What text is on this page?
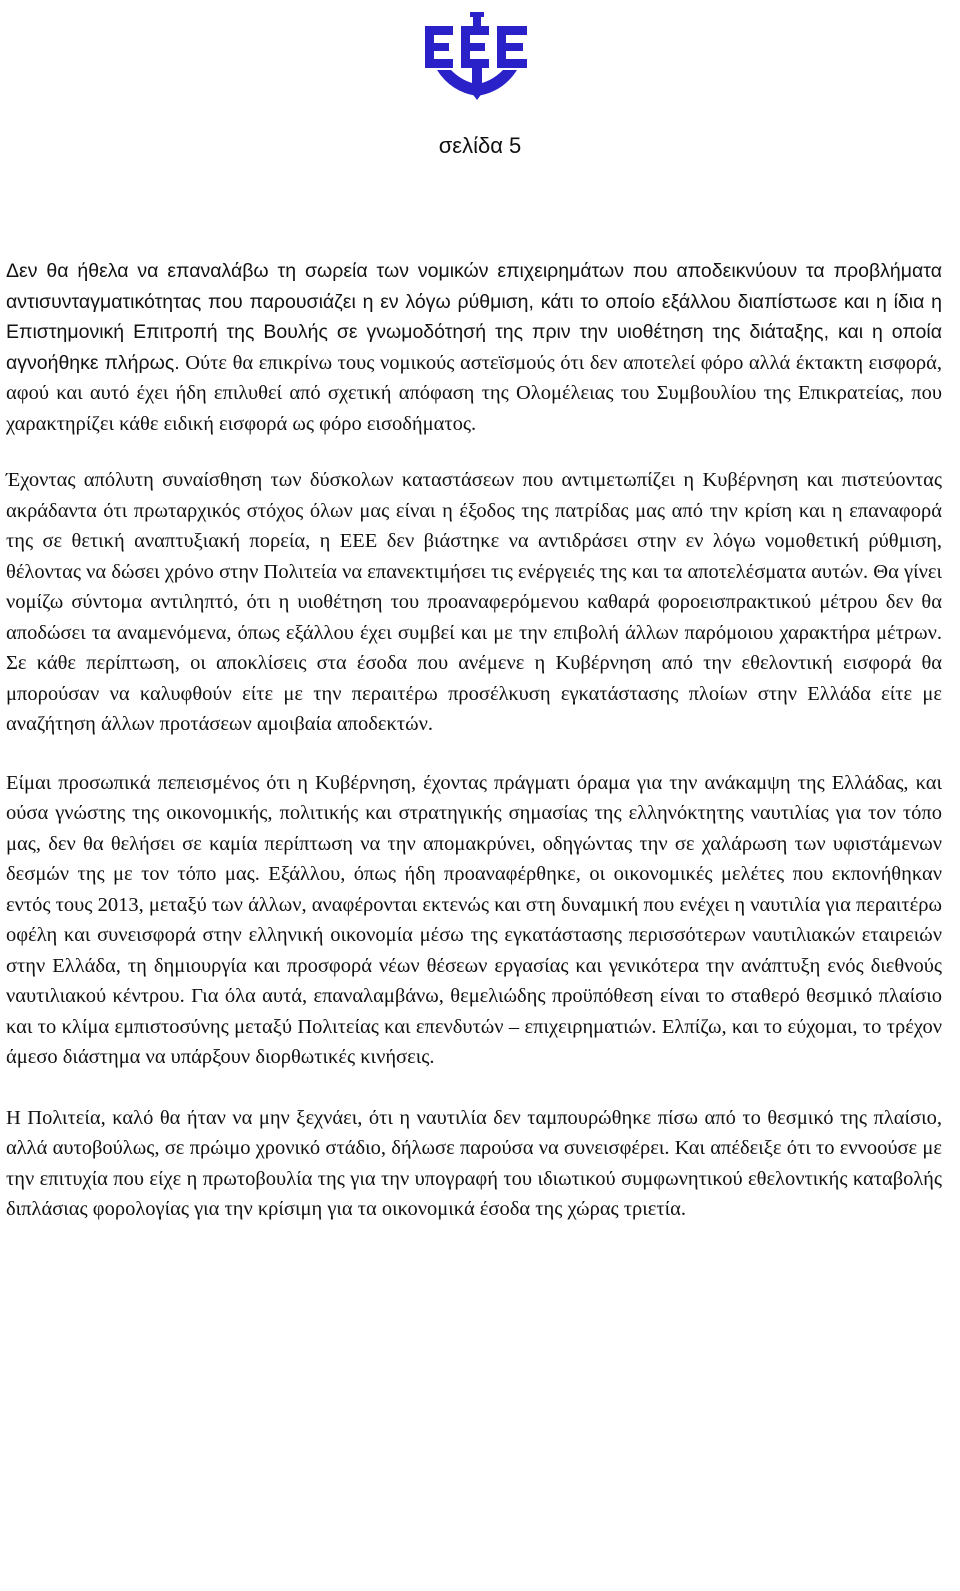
σελίδα 5

Δεν θα ήθελα να επαναλάβω τη σωρεία των νομικών επιχειρημάτων που αποδεικνύουν τα προβλήματα αντισυνταγματικότητας που παρουσιάζει η εν λόγω ρύθμιση, κάτι το οποίο εξάλλου διαπίστωσε και η ίδια η Επιστημονική Επιτροπή της Βουλής σε γνωμοδότησή της πριν την υιοθέτηση της διάταξης, και η οποία αγνοήθηκε πλήρως. Ούτε θα επικρίνω τους νομικούς αστεϊσμούς ότι δεν αποτελεί φόρο αλλά έκτακτη εισφορά, αφού και αυτό έχει ήδη επιλυθεί από σχετική απόφαση της Ολομέλειας του Συμβουλίου της Επικρατείας, που χαρακτηρίζει κάθε ειδική εισφορά ως φόρο εισοδήματος.

Έχοντας απόλυτη συναίσθηση των δύσκολων καταστάσεων που αντιμετωπίζει η Κυβέρνηση και πιστεύοντας ακράδαντα ότι πρωταρχικός στόχος όλων μας είναι η έξοδος της πατρίδας μας από την κρίση και η επαναφορά της σε θετική αναπτυξιακή πορεία, η ΕΕΕ δεν βιάστηκε να αντιδράσει στην εν λόγω νομοθετική ρύθμιση, θέλοντας να δώσει χρόνο στην Πολιτεία να επανεκτιμήσει τις ενέργειές της και τα αποτελέσματα αυτών. Θα γίνει νομίζω σύντομα αντιληπτό, ότι η υιοθέτηση του προαναφερόμενου καθαρά φοροεισπρακτικού μέτρου δεν θα αποδώσει τα αναμενόμενα, όπως εξάλλου έχει συμβεί και με την επιβολή άλλων παρόμοιου χαρακτήρα μέτρων. Σε κάθε περίπτωση, οι αποκλίσεις στα έσοδα που ανέμενε η Κυβέρνηση από την εθελοντική εισφορά θα μπορούσαν να καλυφθούν είτε με την περαιτέρω προσέλκυση εγκατάστασης πλοίων στην Ελλάδα είτε με αναζήτηση άλλων προτάσεων αμοιβαία αποδεκτών.

Είμαι προσωπικά πεπεισμένος ότι η Κυβέρνηση, έχοντας πράγματι όραμα για την ανάκαμψη της Ελλάδας, και ούσα γνώστης της οικονομικής, πολιτικής και στρατηγικής σημασίας της ελληνόκτητης ναυτιλίας για τον τόπο μας, δεν θα θελήσει σε καμία περίπτωση να την απομακρύνει, οδηγώντας την σε χαλάρωση των υφιστάμενων δεσμών της με τον τόπο μας. Εξάλλου, όπως ήδη προαναφέρθηκε, οι οικονομικές μελέτες που εκπονήθηκαν εντός τους 2013, μεταξύ των άλλων, αναφέρονται εκτενώς και στη δυναμική που ενέχει η ναυτιλία για περαιτέρω οφέλη και συνεισφορά στην ελληνική οικονομία μέσω της εγκατάστασης περισσότερων ναυτιλιακών εταιρειών στην Ελλάδα, τη δημιουργία και προσφορά νέων θέσεων εργασίας και γενικότερα την ανάπτυξη ενός διεθνούς ναυτιλιακού κέντρου. Για όλα αυτά, επαναλαμβάνω, θεμελιώδης προϋπόθεση είναι το σταθερό θεσμικό πλαίσιο και το κλίμα εμπιστοσύνης μεταξύ Πολιτείας και επενδυτών – επιχειρηματιών. Ελπίζω, και το εύχομαι, το τρέχον άμεσο διάστημα να υπάρξουν διορθωτικές κινήσεις.

Η Πολιτεία, καλό θα ήταν να μην ξεχνάει, ότι η ναυτιλία δεν ταμπουρώθηκε πίσω από το θεσμικό της πλαίσιο, αλλά αυτοβούλως, σε πρώιμο χρονικό στάδιο, δήλωσε παρούσα να συνεισφέρει. Και απέδειξε ότι το εννοούσε με την επιτυχία που είχε η πρωτοβουλία της για την υπογραφή του ιδιωτικού συμφωνητικού εθελοντικής καταβολής διπλάσιας φορολογίας για την κρίσιμη για τα οικονομικά έσοδα της χώρας τριετία.
